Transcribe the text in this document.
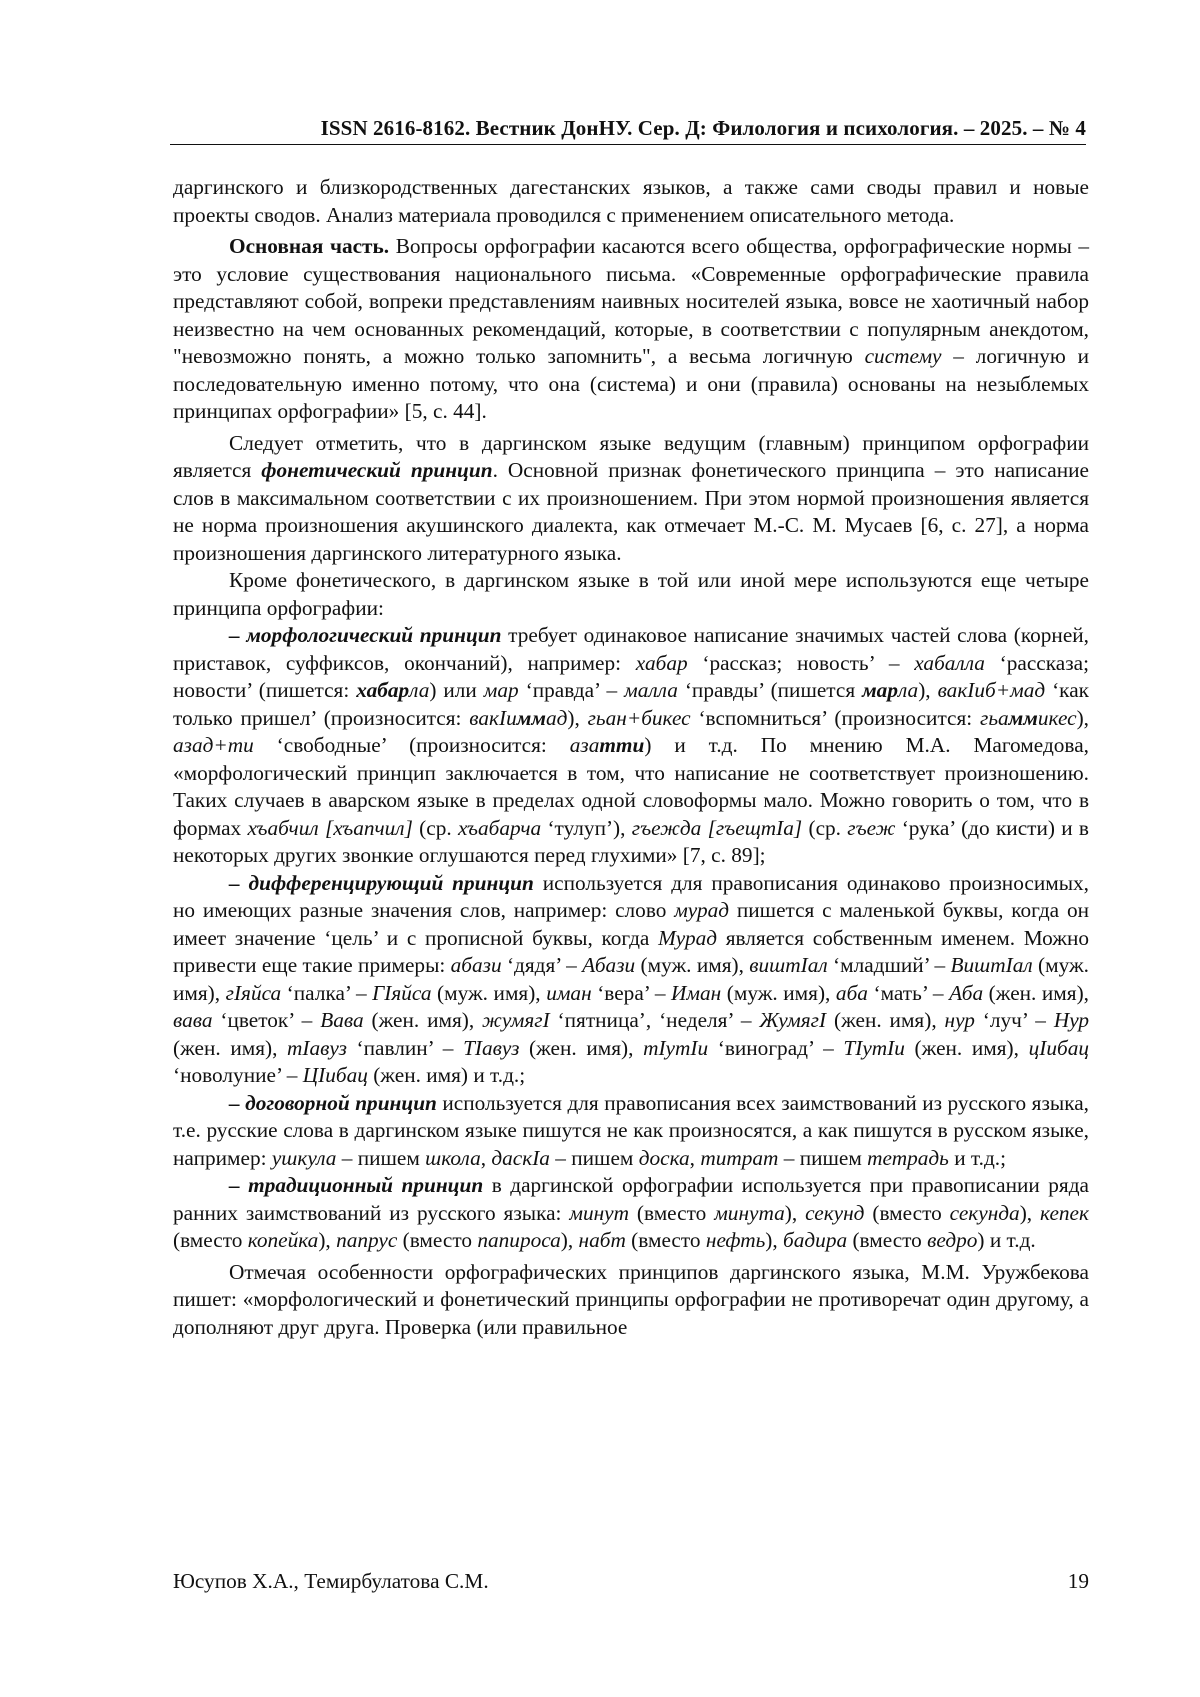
ISSN 2616-8162. Вестник ДонНУ. Сер. Д: Филология и психология. – 2025. – № 4

даргинского и близкородственных дагестанских языков, а также сами своды правил и новые проекты сводов. Анализ материала проводился с применением описательного метода.

Основная часть. Вопросы орфографии касаются всего общества, орфографические нормы – это условие существования национального письма. «Современные орфографические правила представляют собой, вопреки представлениям наивных носителей языка, вовсе не хаотичный набор неизвестно на чем основанных рекомендаций, которые, в соответствии с популярным анекдотом, "невозможно понять, а можно только запомнить", а весьма логичную систему – логичную и последовательную именно потому, что она (система) и они (правила) основаны на незыблемых принципах орфографии» [5, с. 44].

Следует отметить, что в даргинском языке ведущим (главным) принципом орфографии является фонетический принцип. Основной признак фонетического принципа – это написание слов в максимальном соответствии с их произношением. При этом нормой произношения является не норма произношения акушинского диалекта, как отмечает М.-С. М. Мусаев [6, с. 27], а норма произношения даргинского литературного языка.

Кроме фонетического, в даргинском языке в той или иной мере используются еще четыре принципа орфографии:

– морфологический принцип требует одинаковое написание значимых частей слова (корней, приставок, суффиксов, окончаний), например: хабар ‘рассказ; новость’ – хабалла ‘рассказа; новости’ (пишется: хабарла) или мар ‘правда’ – малла ‘правды’ (пишется марла), вакIиб+мад ‘как только пришел’ (произносится: вакIиммад), гьан+бикес ‘вспомниться’ (произносится: гьаммикес), азад+ти ‘свободные’ (произносится: азатти) и т.д. По мнению М.А. Магомедова, «морфологический принцип заключается в том, что написание не соответствует произношению. Таких случаев в аварском языке в пределах одной словоформы мало. Можно говорить о том, что в формах хъабчил [хъапчил] (ср. хъабарча ‘тулуп’), гъежда [гъещтIа] (ср. гъеж ‘рука’ (до кисти) и в некоторых других звонкие оглушаются перед глухими» [7, с. 89];

– дифференцирующий принцип используется для правописания одинаково произносимых, но имеющих разные значения слов, например: слово мурад пишется с маленькой буквы, когда он имеет значение ‘цель’ и с прописной буквы, когда Мурад является собственным именем. Можно привести еще такие примеры: абази ‘дядя’ – Абази (муж. имя), виштIал ‘младший’ – ВиштIал (муж. имя), гIяйса ‘палка’ – ГIяйса (муж. имя), иман ‘вера’ – Иман (муж. имя), аба ‘мать’ – Аба (жен. имя), вава ‘цветок’ – Вава (жен. имя), жумягI ‘пятница’, ‘неделя’ – ЖумягI (жен. имя), нур ‘луч’ – Нур (жен. имя), тIавуз ‘павлин’ – ТIавуз (жен. имя), тIутIи ‘виноград’ – ТIутIи (жен. имя), цIибац ‘новолуние’ – ЦIибац (жен. имя) и т.д.;

– договорной принцип используется для правописания всех заимствований из русского языка, т.е. русские слова в даргинском языке пишутся не как произносятся, а как пишутся в русском языке, например: ушкула – пишем школа, даскIа – пишем доска, титрат – пишем тетрадь и т.д.;

– традиционный принцип в даргинской орфографии используется при правописании ряда ранних заимствований из русского языка: минут (вместо минута), секунд (вместо секунда), кепек (вместо копейка), папрус (вместо папироса), набт (вместо нефть), бадира (вместо ведро) и т.д.

Отмечая особенности орфографических принципов даргинского языка, М.М. Уружбекова пишет: «морфологический и фонетический принципы орфографии не противоречат один другому, а дополняют друг друга. Проверка (или правильное

Юсупов Х.А., Темирбулатова С.М.	19
